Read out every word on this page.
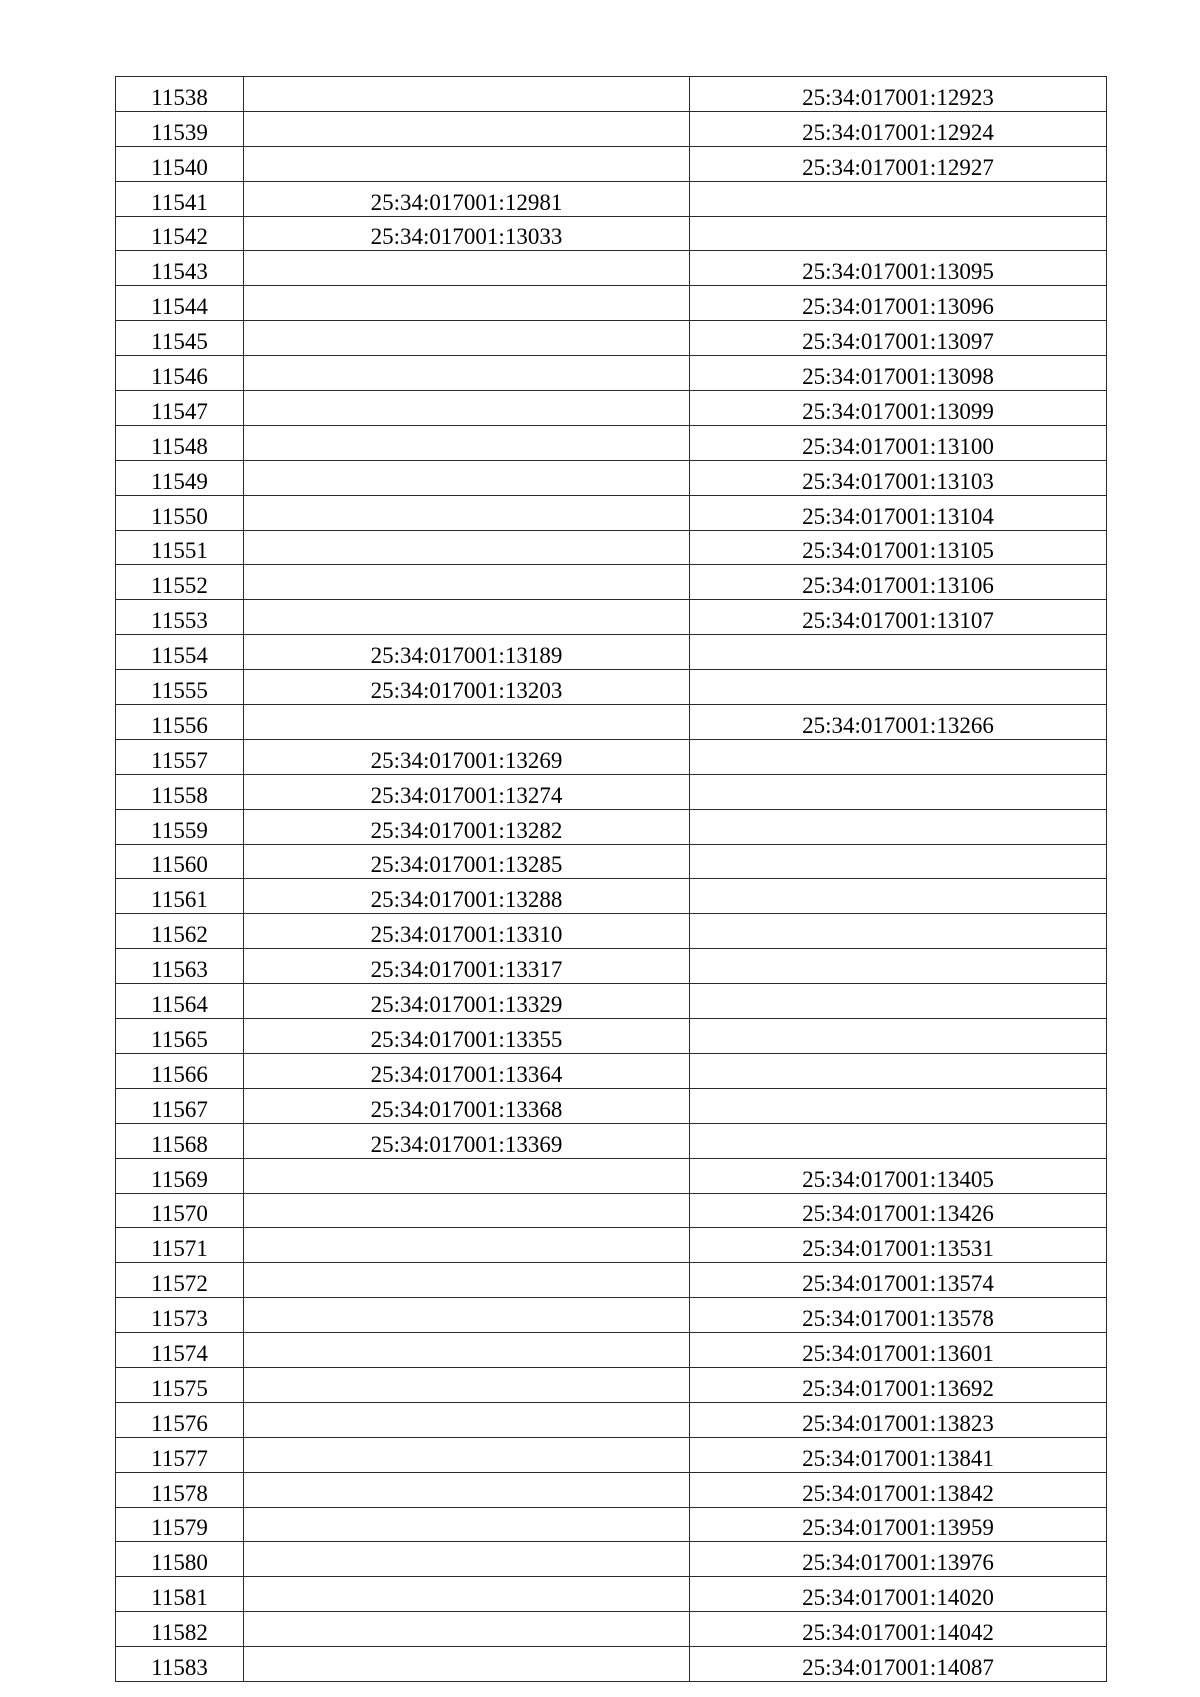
11538		25:34:017001:12923
11539		25:34:017001:12924
11540		25:34:017001:12927
11541	25:34:017001:12981	
11542	25:34:017001:13033	
11543		25:34:017001:13095
11544		25:34:017001:13096
11545		25:34:017001:13097
11546		25:34:017001:13098
11547		25:34:017001:13099
11548		25:34:017001:13100
11549		25:34:017001:13103
11550		25:34:017001:13104
11551		25:34:017001:13105
11552		25:34:017001:13106
11553		25:34:017001:13107
11554	25:34:017001:13189	
11555	25:34:017001:13203	
11556		25:34:017001:13266
11557	25:34:017001:13269	
11558	25:34:017001:13274	
11559	25:34:017001:13282	
11560	25:34:017001:13285	
11561	25:34:017001:13288	
11562	25:34:017001:13310	
11563	25:34:017001:13317	
11564	25:34:017001:13329	
11565	25:34:017001:13355	
11566	25:34:017001:13364	
11567	25:34:017001:13368	
11568	25:34:017001:13369	
11569		25:34:017001:13405
11570		25:34:017001:13426
11571		25:34:017001:13531
11572		25:34:017001:13574
11573		25:34:017001:13578
11574		25:34:017001:13601
11575		25:34:017001:13692
11576		25:34:017001:13823
11577		25:34:017001:13841
11578		25:34:017001:13842
11579		25:34:017001:13959
11580		25:34:017001:13976
11581		25:34:017001:14020
11582		25:34:017001:14042
11583		25:34:017001:14087
